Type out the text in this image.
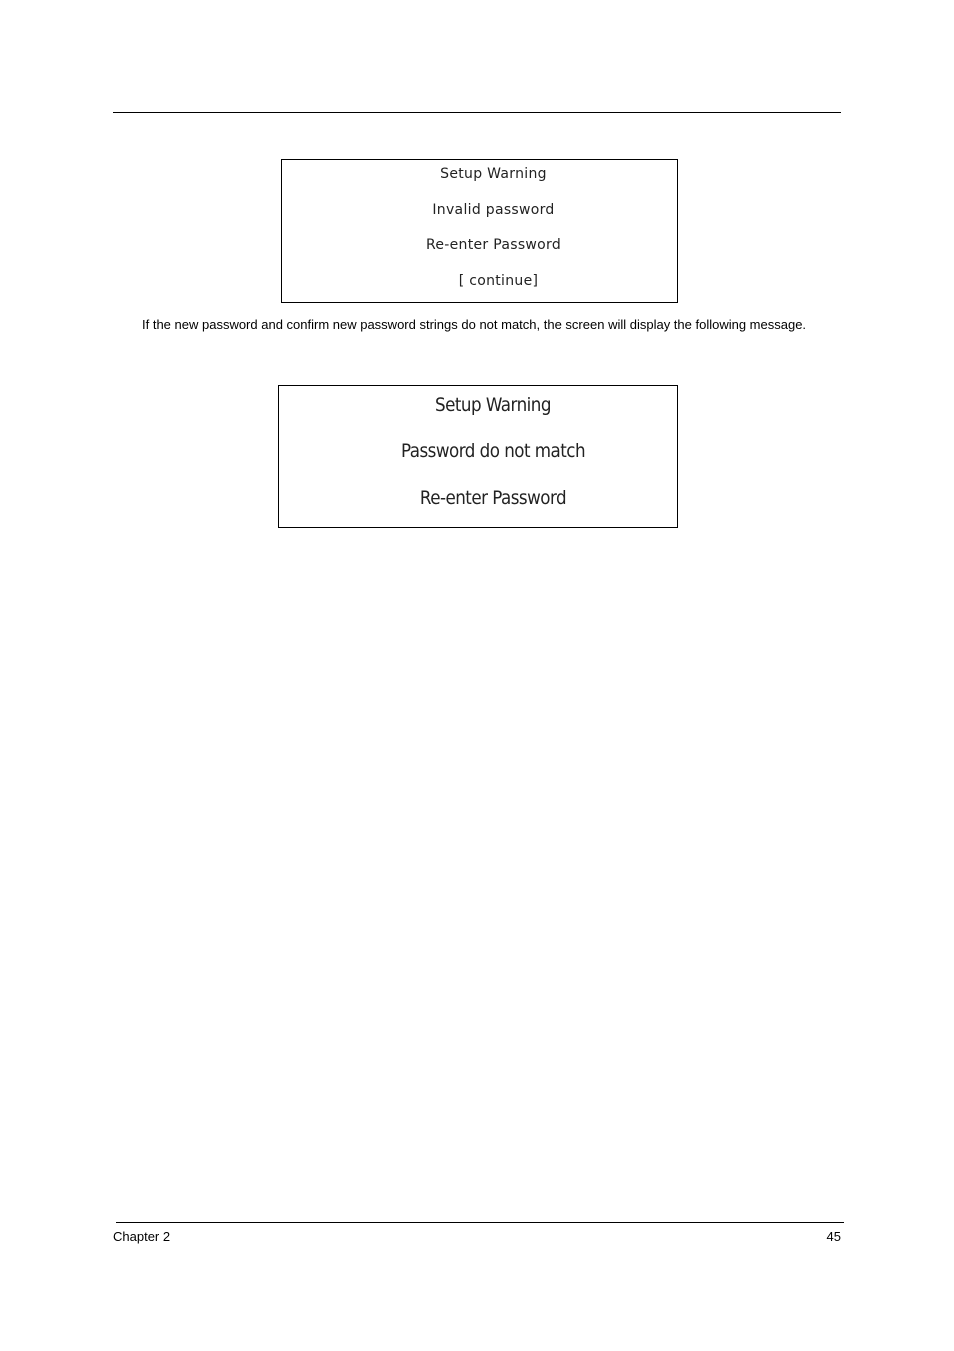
Setup Warning
Invalid password
Re-enter Password
[ continue]

If the new password and confirm new password strings do not match, the screen will display the following message.

Setup Warning
Password do not match
Re-enter Password
Chapter 2	45
